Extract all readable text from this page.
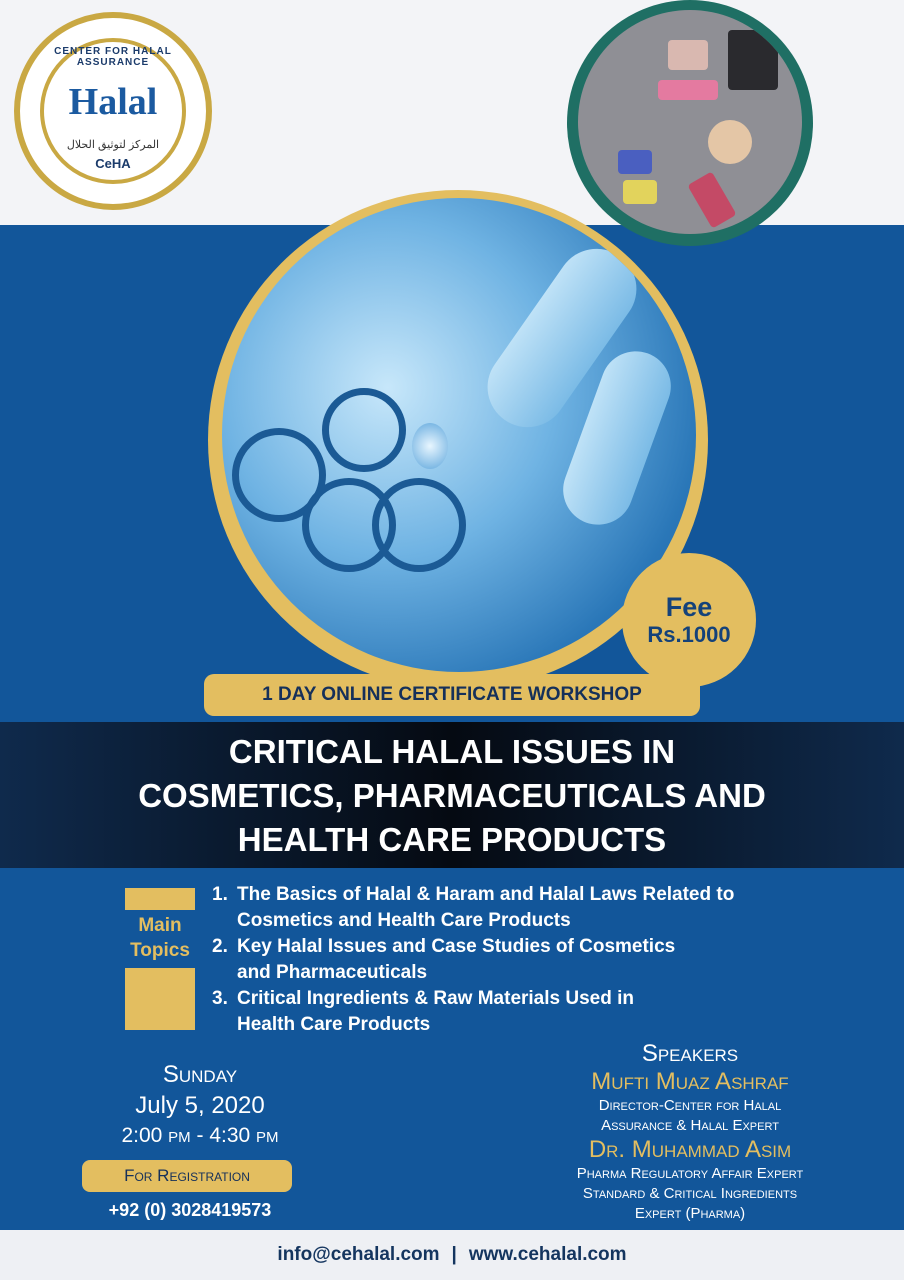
CENTER FOR HALAL ASSURANCE
Halal
المركز لتوثيق الحلال
CeHA
Fee
Rs.1000
1 DAY ONLINE CERTIFICATE WORKSHOP
CRITICAL HALAL ISSUES IN
COSMETICS, PHARMACEUTICALS AND
HEALTH CARE PRODUCTS
Main
Topics
1. The Basics of Halal & Haram and Halal Laws Related to
Cosmetics and Health Care Products
2. Key Halal Issues and Case Studies of Cosmetics
and Pharmaceuticals
3. Critical Ingredients & Raw Materials Used in
Health Care Products
Sunday
July 5, 2020
2:00 pm - 4:30 pm
For Registration
+92 (0) 3028419573
Speakers
Mufti Muaz Ashraf
Director-Center for Halal
Assurance & Halal Expert
Dr. Muhammad Asim
Pharma Regulatory Affair Expert
Standard & Critical Ingredients
Expert (Pharma)
info@cehalal.com | www.cehalal.com
